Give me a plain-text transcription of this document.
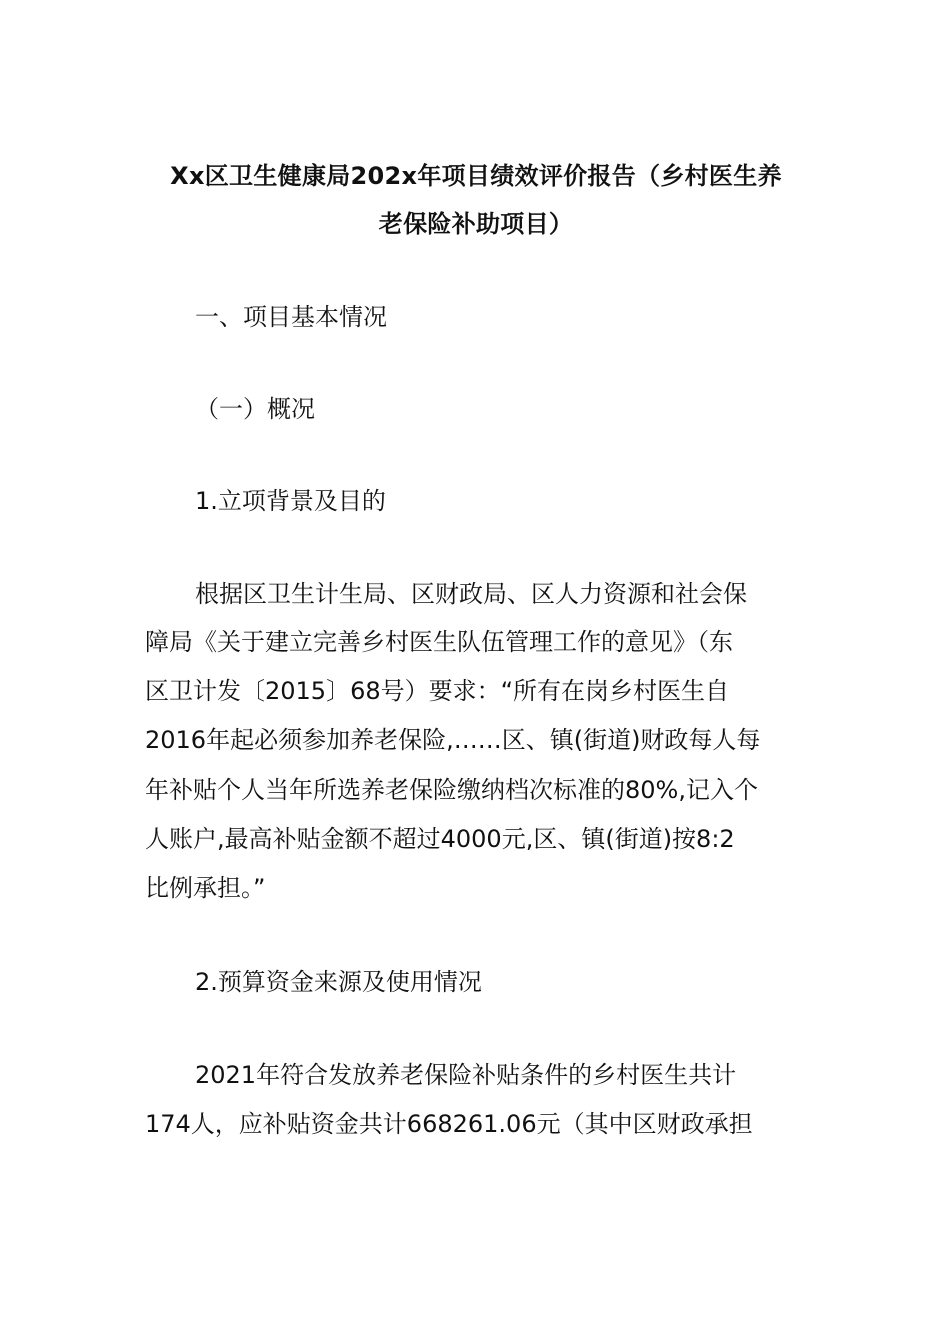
Xx区卫生健康局202x年项目绩效评价报告（乡村医生养
老保险补助项目）

一、项目基本情况

（一）概况

1.立项背景及目的

根据区卫生计生局、区财政局、区人力资源和社会保

障局《关于建立完善乡村医生队伍管理工作的意见》（东

区卫计发〔2015〕68号）要求：“所有在岗乡村医生自

2016年起必须参加养老保险,……区、镇(街道)财政每人每

年补贴个人当年所选养老保险缴纳档次标准的80%,记入个

人账户,最高补贴金额不超过4000元,区、镇(街道)按8:2

比例承担。”

2.预算资金来源及使用情况

2021年符合发放养老保险补贴条件的乡村医生共计

174人，应补贴资金共计668261.06元（其中区财政承担
